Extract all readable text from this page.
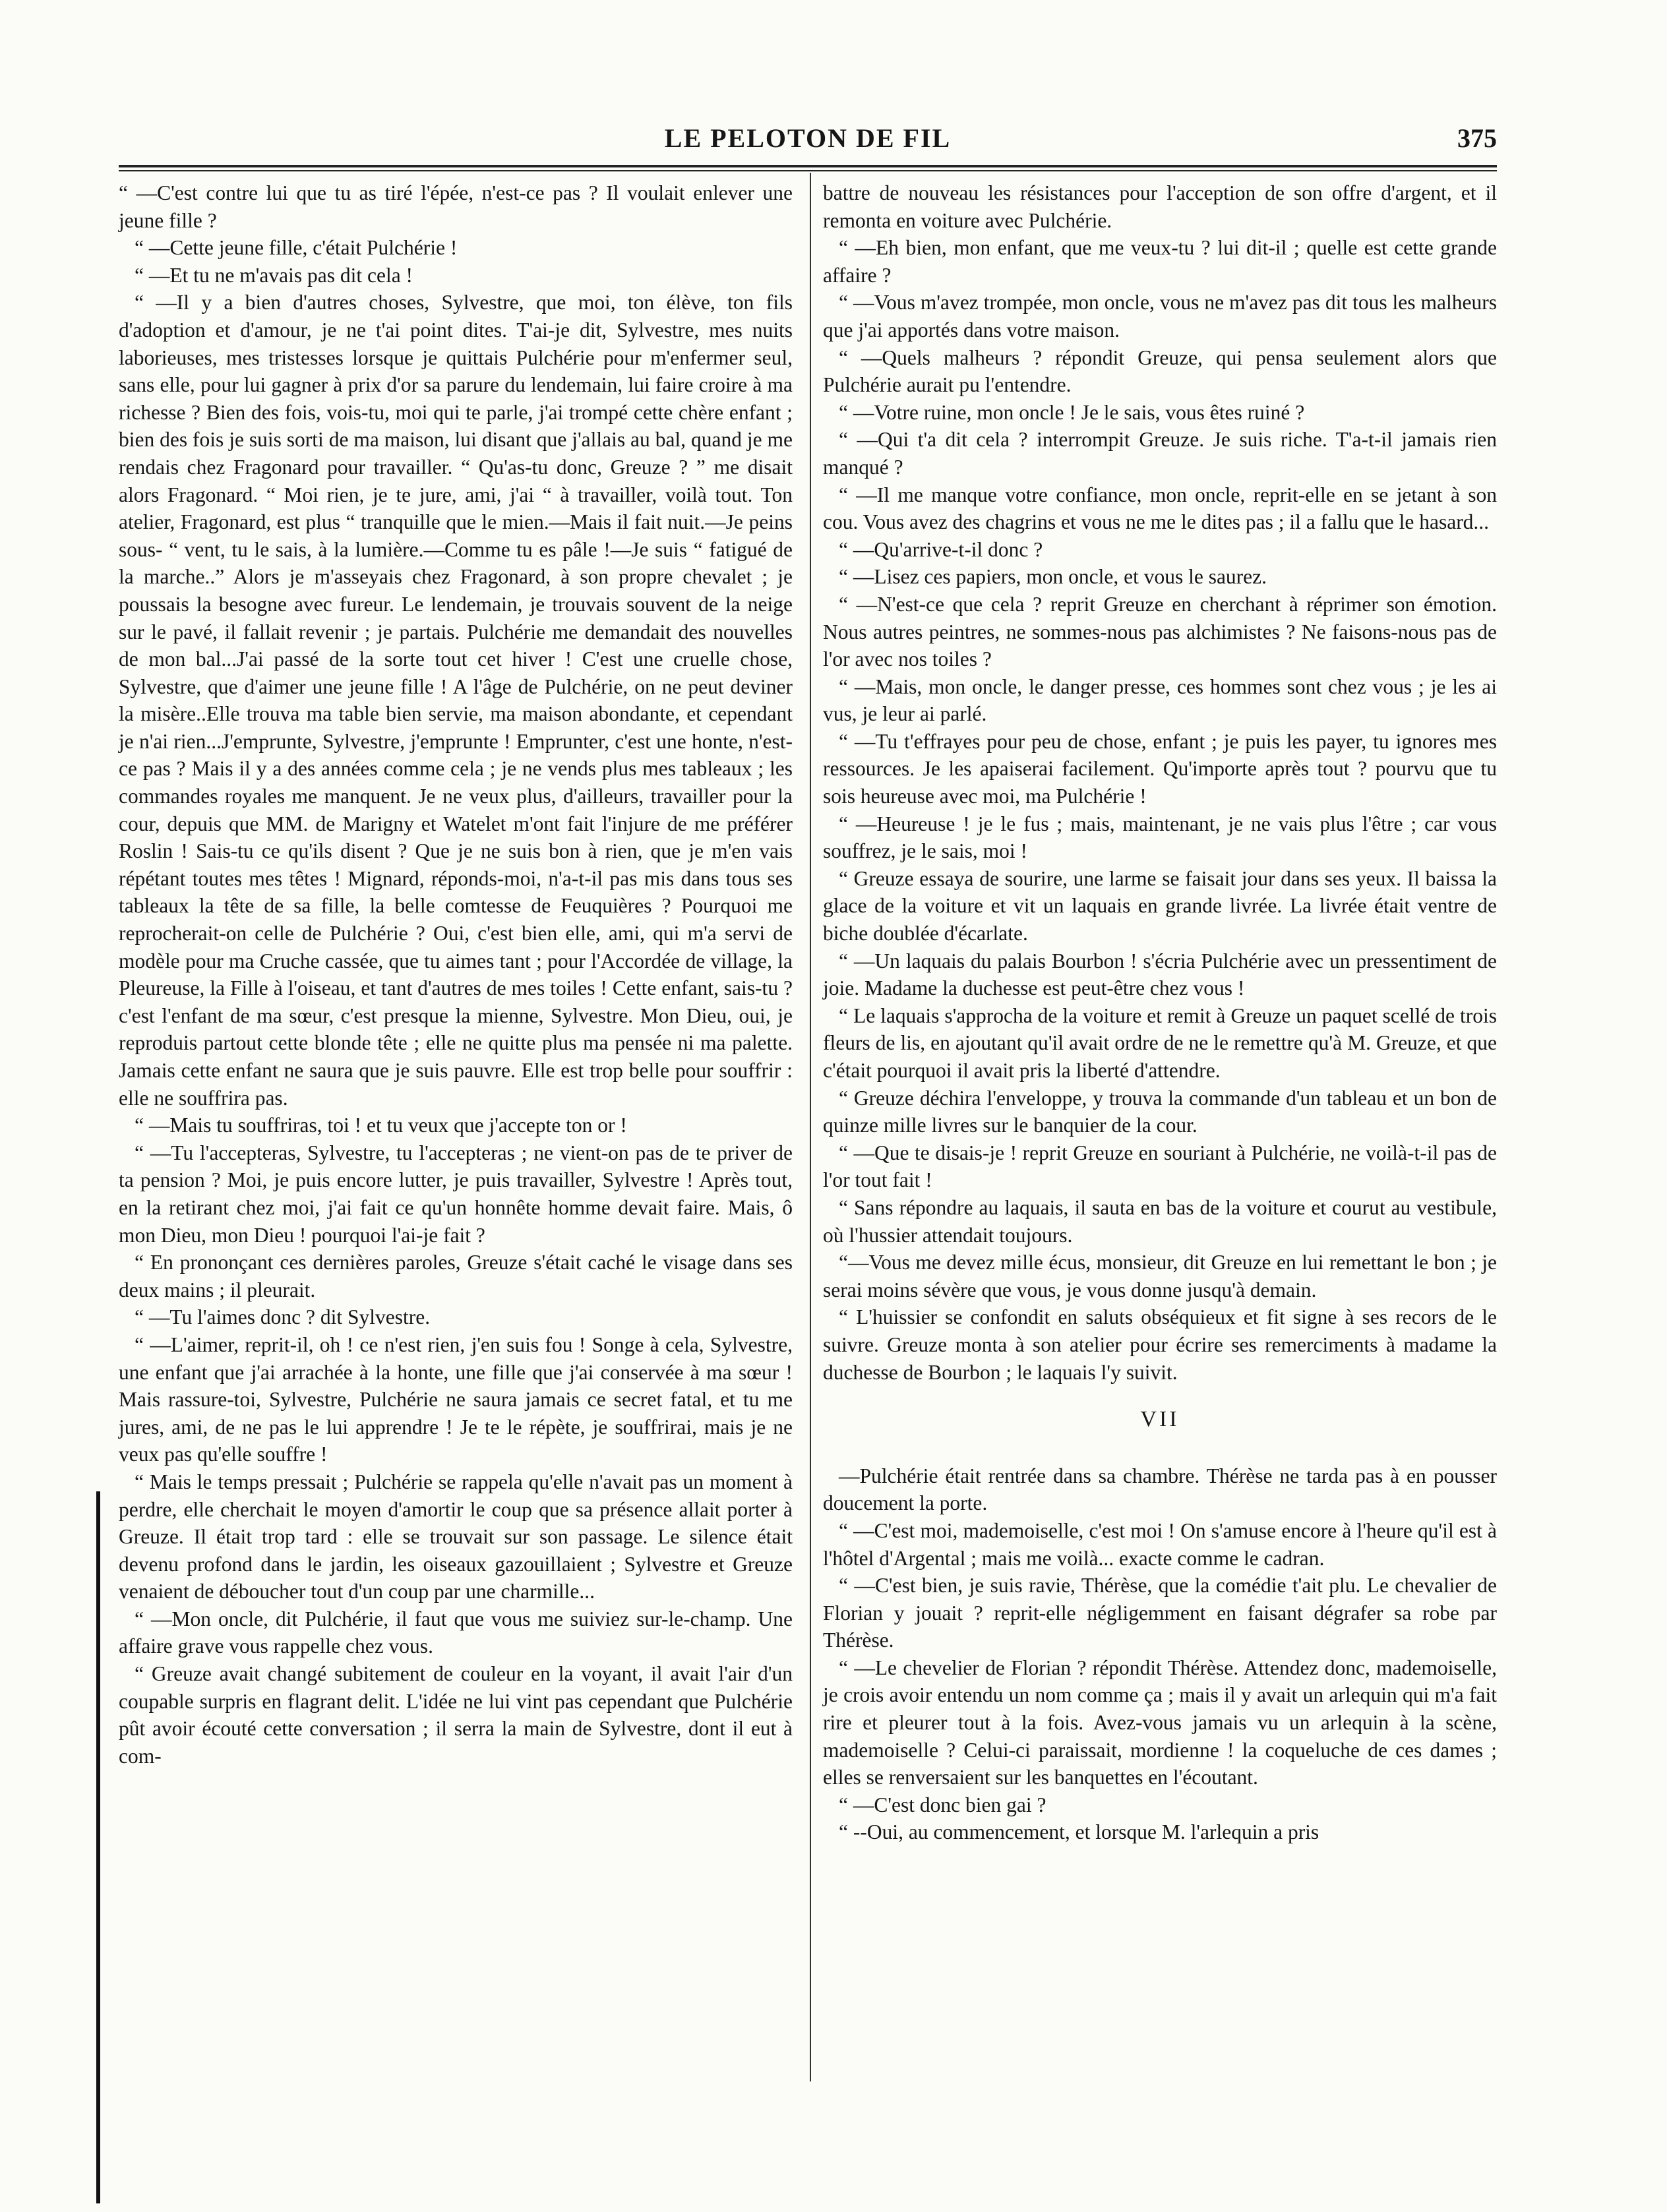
LE PELOTON DE FIL	375

“ —C'est contre lui que tu as tiré l'épée, n'est-ce pas ? Il voulait enlever une jeune fille ?

“ —Cette jeune fille, c'était Pulchérie !

“ —Et tu ne m'avais pas dit cela !

“ —Il y a bien d'autres choses, Sylvestre, que moi, ton élève, ton fils d'adoption et d'amour, je ne t'ai point dites. T'ai-je dit, Sylvestre, mes nuits laborieuses, mes tristesses lorsque je quittais Pulchérie pour m'enfermer seul, sans elle, pour lui gagner à prix d'or sa parure du lendemain, lui faire croire à ma richesse ? Bien des fois, vois-tu, moi qui te parle, j'ai trompé cette chère enfant ; bien des fois je suis sorti de ma maison, lui disant que j'allais au bal, quand je me rendais chez Fragonard pour travailler. “ Qu'as-tu donc, Greuze ? ” me disait alors Fragonard. “ Moi rien, je te jure, ami, j'ai “ à travailler, voilà tout. Ton atelier, Fragonard, est plus “ tranquille que le mien.—Mais il fait nuit.—Je peins sous- “ vent, tu le sais, à la lumière.—Comme tu es pâle !—Je suis “ fatigué de la marche..” Alors je m'asseyais chez Fragonard, à son propre chevalet ; je poussais la besogne avec fureur. Le lendemain, je trouvais souvent de la neige sur le pavé, il fallait revenir ; je partais. Pulchérie me demandait des nouvelles de mon bal...J'ai passé de la sorte tout cet hiver ! C'est une cruelle chose, Sylvestre, que d'aimer une jeune fille ! A l'âge de Pulchérie, on ne peut deviner la misère..Elle trouva ma table bien servie, ma maison abondante, et cependant je n'ai rien...J'emprunte, Sylvestre, j'emprunte ! Emprunter, c'est une honte, n'est-ce pas ? Mais il y a des années comme cela ; je ne vends plus mes tableaux ; les commandes royales me manquent. Je ne veux plus, d'ailleurs, travailler pour la cour, depuis que MM. de Marigny et Watelet m'ont fait l'injure de me préférer Roslin ! Sais-tu ce qu'ils disent ? Que je ne suis bon à rien, que je m'en vais répétant toutes mes têtes ! Mignard, réponds-moi, n'a-t-il pas mis dans tous ses tableaux la tête de sa fille, la belle comtesse de Feuquières ? Pourquoi me reprocherait-on celle de Pulchérie ? Oui, c'est bien elle, ami, qui m'a servi de modèle pour ma Cruche cassée, que tu aimes tant ; pour l'Accordée de village, la Pleureuse, la Fille à l'oiseau, et tant d'autres de mes toiles ! Cette enfant, sais-tu ? c'est l'enfant de ma sœur, c'est presque la mienne, Sylvestre. Mon Dieu, oui, je reproduis partout cette blonde tête ; elle ne quitte plus ma pensée ni ma palette. Jamais cette enfant ne saura que je suis pauvre. Elle est trop belle pour souffrir : elle ne souffrira pas.

“ —Mais tu souffriras, toi ! et tu veux que j'accepte ton or !

“ —Tu l'accepteras, Sylvestre, tu l'accepteras ; ne vient-on pas de te priver de ta pension ? Moi, je puis encore lutter, je puis travailler, Sylvestre ! Après tout, en la retirant chez moi, j'ai fait ce qu'un honnête homme devait faire. Mais, ô mon Dieu, mon Dieu ! pourquoi l'ai-je fait ?

“ En prononçant ces dernières paroles, Greuze s'était caché le visage dans ses deux mains ; il pleurait.

“ —Tu l'aimes donc ? dit Sylvestre.

“ —L'aimer, reprit-il, oh ! ce n'est rien, j'en suis fou ! Songe à cela, Sylvestre, une enfant que j'ai arrachée à la honte, une fille que j'ai conservée à ma sœur ! Mais rassure-toi, Sylvestre, Pulchérie ne saura jamais ce secret fatal, et tu me jures, ami, de ne pas le lui apprendre ! Je te le répète, je souffrirai, mais je ne veux pas qu'elle souffre !

“ Mais le temps pressait ; Pulchérie se rappela qu'elle n'avait pas un moment à perdre, elle cherchait le moyen d'amortir le coup que sa présence allait porter à Greuze. Il était trop tard : elle se trouvait sur son passage. Le silence était devenu profond dans le jardin, les oiseaux gazouillaient ; Sylvestre et Greuze venaient de déboucher tout d'un coup par une charmille...

“ —Mon oncle, dit Pulchérie, il faut que vous me suiviez sur-le-champ. Une affaire grave vous rappelle chez vous.

“ Greuze avait changé subitement de couleur en la voyant, il avait l'air d'un coupable surpris en flagrant delit. L'idée ne lui vint pas cependant que Pulchérie pût avoir écouté cette conversation ; il serra la main de Sylvestre, dont il eut à com-

battre de nouveau les résistances pour l'acception de son offre d'argent, et il remonta en voiture avec Pulchérie.

“ —Eh bien, mon enfant, que me veux-tu ? lui dit-il ; quelle est cette grande affaire ?

“ —Vous m'avez trompée, mon oncle, vous ne m'avez pas dit tous les malheurs que j'ai apportés dans votre maison.

“ —Quels malheurs ? répondit Greuze, qui pensa seulement alors que Pulchérie aurait pu l'entendre.

“ —Votre ruine, mon oncle ! Je le sais, vous êtes ruiné ?

“ —Qui t'a dit cela ? interrompit Greuze. Je suis riche. T'a-t-il jamais rien manqué ?

“ —Il me manque votre confiance, mon oncle, reprit-elle en se jetant à son cou. Vous avez des chagrins et vous ne me le dites pas ; il a fallu que le hasard...

“ —Qu'arrive-t-il donc ?

“ —Lisez ces papiers, mon oncle, et vous le saurez.

“ —N'est-ce que cela ? reprit Greuze en cherchant à réprimer son émotion. Nous autres peintres, ne sommes-nous pas alchimistes ? Ne faisons-nous pas de l'or avec nos toiles ?

“ —Mais, mon oncle, le danger presse, ces hommes sont chez vous ; je les ai vus, je leur ai parlé.

“ —Tu t'effrayes pour peu de chose, enfant ; je puis les payer, tu ignores mes ressources. Je les apaiserai facilement. Qu'importe après tout ? pourvu que tu sois heureuse avec moi, ma Pulchérie !

“ —Heureuse ! je le fus ; mais, maintenant, je ne vais plus l'être ; car vous souffrez, je le sais, moi !

“ Greuze essaya de sourire, une larme se faisait jour dans ses yeux. Il baissa la glace de la voiture et vit un laquais en grande livrée. La livrée était ventre de biche doublée d'écarlate.

“ —Un laquais du palais Bourbon ! s'écria Pulchérie avec un pressentiment de joie. Madame la duchesse est peut-être chez vous !

“ Le laquais s'approcha de la voiture et remit à Greuze un paquet scellé de trois fleurs de lis, en ajoutant qu'il avait ordre de ne le remettre qu'à M. Greuze, et que c'était pourquoi il avait pris la liberté d'attendre.

“ Greuze déchira l'enveloppe, y trouva la commande d'un tableau et un bon de quinze mille livres sur le banquier de la cour.

“ —Que te disais-je ! reprit Greuze en souriant à Pulchérie, ne voilà-t-il pas de l'or tout fait !

“ Sans répondre au laquais, il sauta en bas de la voiture et courut au vestibule, où l'hussier attendait toujours.

“—Vous me devez mille écus, monsieur, dit Greuze en lui remettant le bon ; je serai moins sévère que vous, je vous donne jusqu'à demain.

“ L'huissier se confondit en saluts obséquieux et fit signe à ses recors de le suivre. Greuze monta à son atelier pour écrire ses remerciments à madame la duchesse de Bourbon ; le laquais l'y suivit.

VII

—Pulchérie était rentrée dans sa chambre. Thérèse ne tarda pas à en pousser doucement la porte.

“ —C'est moi, mademoiselle, c'est moi ! On s'amuse encore à l'heure qu'il est à l'hôtel d'Argental ; mais me voilà... exacte comme le cadran.

“ —C'est bien, je suis ravie, Thérèse, que la comédie t'ait plu. Le chevalier de Florian y jouait ? reprit-elle négligemment en faisant dégrafer sa robe par Thérèse.

“ —Le chevelier de Florian ? répondit Thérèse. Attendez donc, mademoiselle, je crois avoir entendu un nom comme ça ; mais il y avait un arlequin qui m'a fait rire et pleurer tout à la fois. Avez-vous jamais vu un arlequin à la scène, mademoiselle ? Celui-ci paraissait, mordienne ! la coqueluche de ces dames ; elles se renversaient sur les banquettes en l'écoutant.

“ —C'est donc bien gai ?

“ --Oui, au commencement, et lorsque M. l'arlequin a pris
